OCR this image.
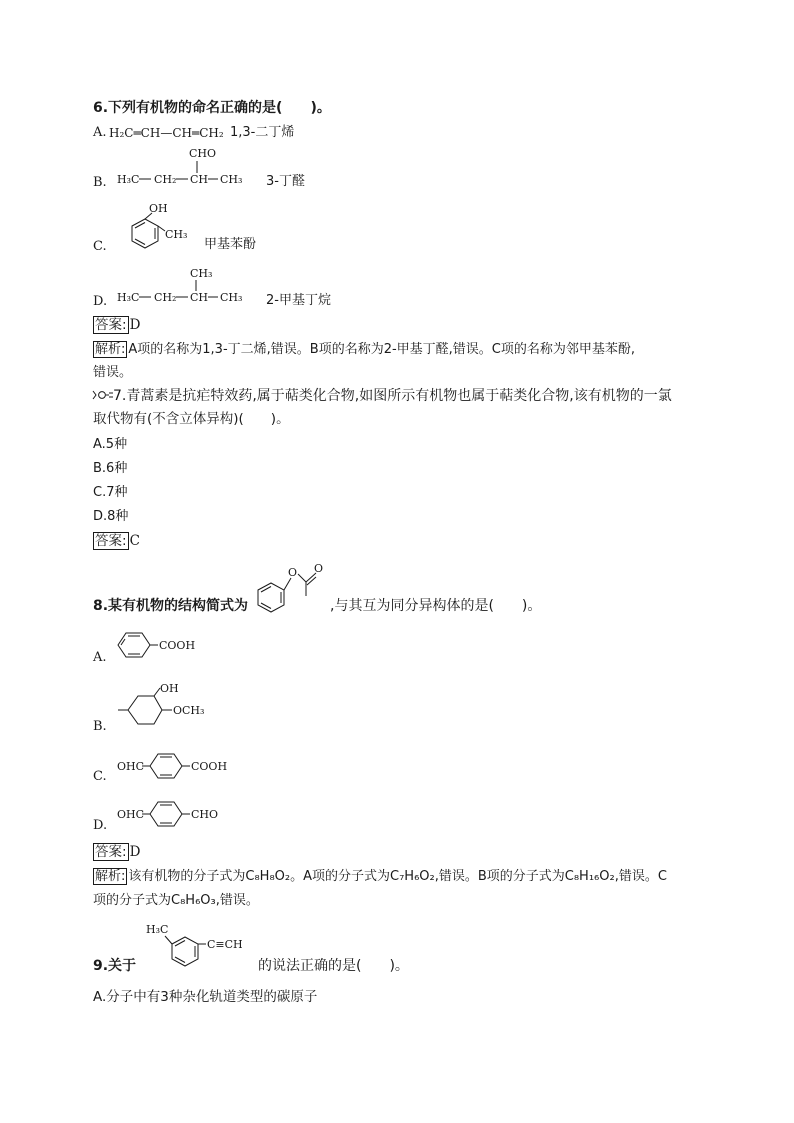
6.下列有机物的命名正确的是(　　)。
A. H₂C═CH—CH═CH₂ 1,3-二丁烯
B.
CHO
H₃C CH₂ CH CH₃ 3-丁醛
C.
OH
CH₃
甲基苯酚
D.
CH₃
H₃C CH₂ CH CH₃ 2-甲基丁烷
答案: D
解析: A项的名称为1,3-丁二烯,错误。B项的名称为2-甲基丁醛,错误。C项的名称为邻甲基苯酚,
错误。
7.青蒿素是抗疟特效药,属于萜类化合物,如图所示有机物也属于萜类化合物,该有机物的一氯
取代物有(不含立体异构)(　　)。
A.5种
B.6种
C.7种
D.8种
答案: C
8.某有机物的结构简式为
O O
,与其互为同分异构体的是(　　)。
A.
COOH
B.
OH
OCH₃
C.
OHC	COOH
D.
OHC	CHO
答案: D
解析: 该有机物的分子式为C₈H₈O₂。A项的分子式为C₇H₆O₂,错误。B项的分子式为C₈H₁₆O₂,错误。C
项的分子式为C₈H₆O₃,错误。
9.关于
H₃C
C≡CH
的说法正确的是(　　)。
A.分子中有3种杂化轨道类型的碳原子
